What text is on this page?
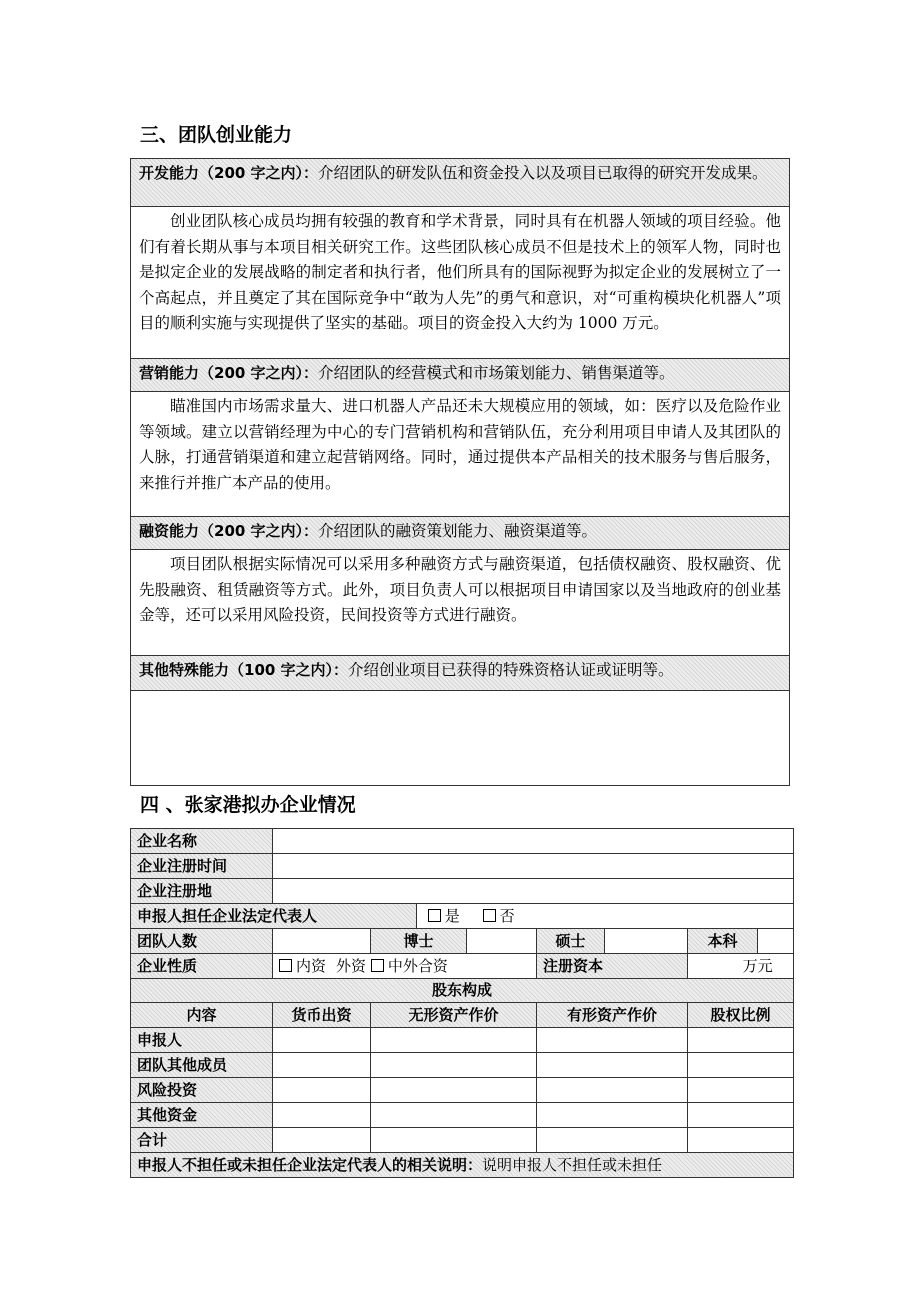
三、团队创业能力
开发能力（200 字之内）：介绍团队的研发队伍和资金投入以及项目已取得的研究开发成果。
创业团队核心成员均拥有较强的教育和学术背景，同时具有在机器人领域的项目经验。他们有着长期从事与本项目相关研究工作。这些团队核心成员不但是技术上的领军人物，同时也是拟定企业的发展战略的制定者和执行者，他们所具有的国际视野为拟定企业的发展树立了一个高起点，并且奠定了其在国际竞争中“敢为人先”的勇气和意识，对“可重构模块化机器人”项目的顺利实施与实现提供了坚实的基础。项目的资金投入大约为 1000 万元。
营销能力（200 字之内）：介绍团队的经营模式和市场策划能力、销售渠道等。
瞄准国内市场需求量大、进口机器人产品还未大规模应用的领域，如：医疗以及危险作业等领域。建立以营销经理为中心的专门营销机构和营销队伍，充分利用项目申请人及其团队的人脉，打通营销渠道和建立起营销网络。同时，通过提供本产品相关的技术服务与售后服务，来推行并推广本产品的使用。
融资能力（200 字之内）：介绍团队的融资策划能力、融资渠道等。
项目团队根据实际情况可以采用多种融资方式与融资渠道，包括债权融资、股权融资、优先股融资、租赁融资等方式。此外，项目负责人可以根据项目申请国家以及当地政府的创业基金等，还可以采用风险投资，民间投资等方式进行融资。
其他特殊能力（100 字之内）：介绍创业项目已获得的特殊资格认证或证明等。
四 、张家港拟办企业情况
企业名称								
企业注册时间								
企业注册地								
申报人担任企业法定代表人			是 否					
团队人数		博士			硕士		本科	
企业性质	内资 外资 中外合资				注册资本		万元	
股东构成								
内容	货币出资	无形资产作价			有形资产作价		股权比例	
申报人								
团队其他成员								
风险投资								
其他资金								
合计								
申报人不担任或未担任企业法定代表人的相关说明：说明申报人不担任或未担任								
